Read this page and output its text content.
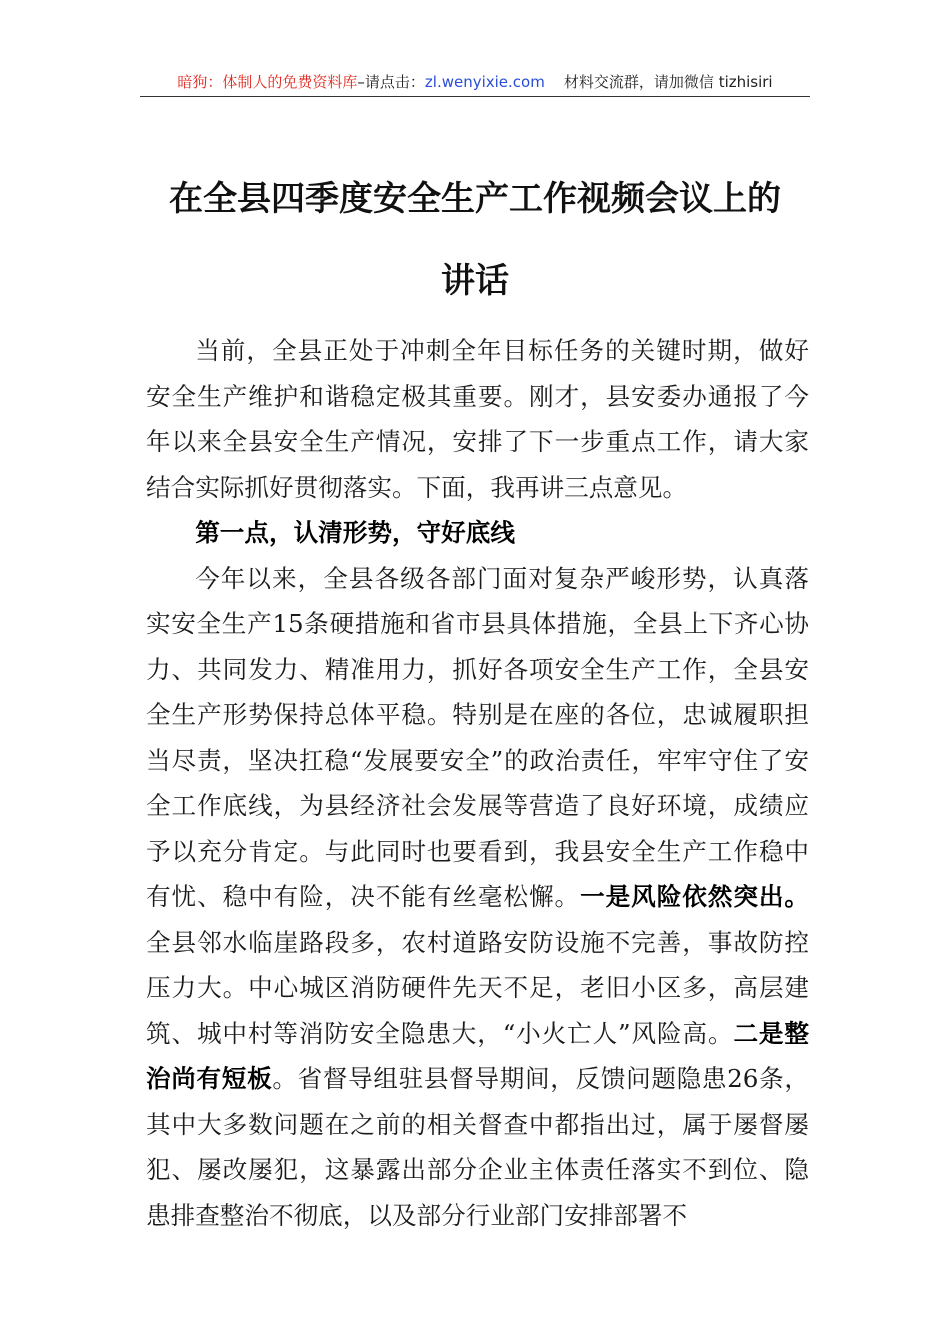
暗狗：体制人的免费资料库–请点击：zl.wenyixie.com 材料交流群，请加微信 tizhisiri
在全县四季度安全生产工作视频会议上的
讲话

当前，全县正处于冲刺全年目标任务的关键时期，做好安全生产维护和谐稳定极其重要。刚才，县安委办通报了今年以来全县安全生产情况，安排了下一步重点工作，请大家结合实际抓好贯彻落实。下面，我再讲三点意见。

第一点，认清形势，守好底线

今年以来，全县各级各部门面对复杂严峻形势，认真落实安全生产15条硬措施和省市县具体措施，全县上下齐心协力、共同发力、精准用力，抓好各项安全生产工作，全县安全生产形势保持总体平稳。特别是在座的各位，忠诚履职担当尽责，坚决扛稳“发展要安全”的政治责任，牢牢守住了安全工作底线，为县经济社会发展等营造了良好环境，成绩应予以充分肯定。与此同时也要看到，我县安全生产工作稳中有忧、稳中有险，决不能有丝毫松懈。一是风险依然突出。全县邻水临崖路段多，农村道路安防设施不完善，事故防控压力大。中心城区消防硬件先天不足，老旧小区多，高层建筑、城中村等消防安全隐患大，“小火亡人”风险高。二是整治尚有短板。省督导组驻县督导期间，反馈问题隐患26条，其中大多数问题在之前的相关督查中都指出过，属于屡督屡犯、屡改屡犯，这暴露出部分企业主体责任落实不到位、隐患排查整治不彻底，以及部分行业部门安排部署不
